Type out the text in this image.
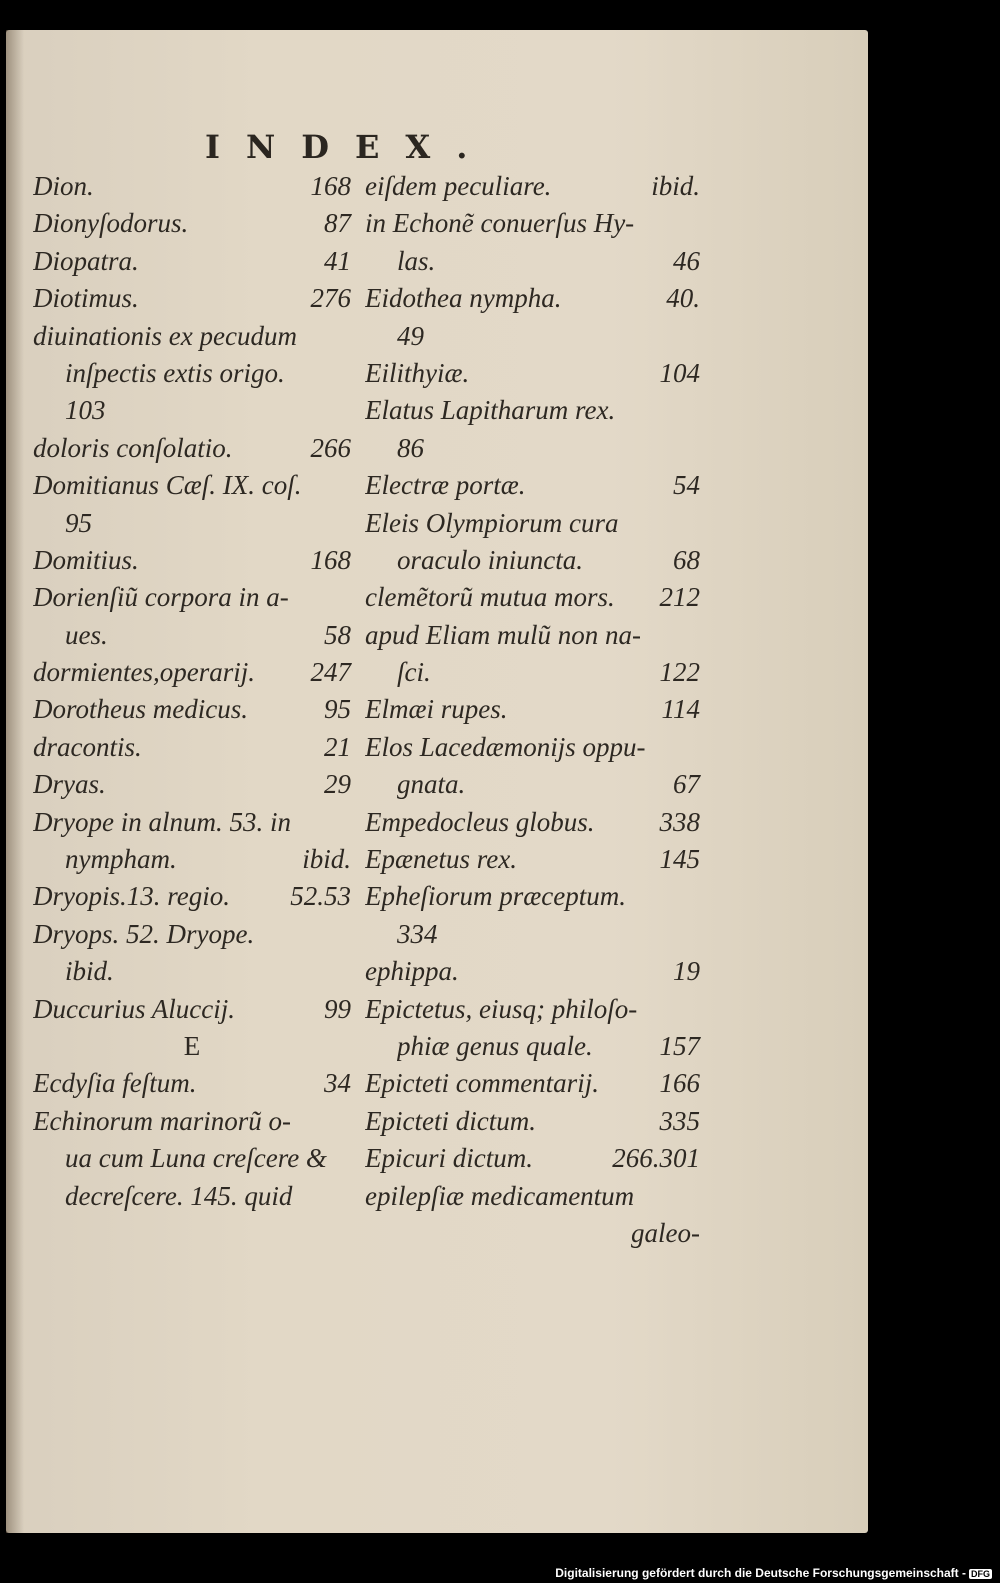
INDEX.
Dion.	168
Dionyſodorus.	87
Diopatra.	41
Diotimus.	276
diuinationis ex pecudum
inſpectis extis origo.
103
doloris conſolatio.	266
Domitianus Cæſ. IX. coſ.
95
Domitius.	168
Dorienſiũ corpora in a-
ues.	58
dormientes,operarij.	247
Dorotheus medicus.	95
dracontis.	21
Dryas.	29
Dryope in alnum. 53. in
nympham.	ibid.
Dryopis.13. regio.	52.53
Dryops. 52. Dryope.
ibid.
Duccurius Aluccij.	99
E
Ecdyſia feſtum.	34
Echinorum marinorũ o-
ua cum Luna creſcere &
decreſcere. 145. quid
eiſdem peculiare.	ibid.
in Echonẽ conuerſus Hy-
las.	46
Eidothea nympha.	40.
49
Eilithyiæ.	104
Elatus Lapitharum rex.
86
Electræ portæ.	54
Eleis Olympiorum cura
oraculo iniuncta.	68
clemẽtorũ mutua mors.	212
apud Eliam mulũ non na-
ſci.	122
Elmæi rupes.	114
Elos Lacedæmonijs oppu-
gnata.	67
Empedocleus globus.	338
Epænetus rex.	145
Epheſiorum præceptum.
334
ephippa.	19
Epictetus, eiusq; philoſo-
phiæ genus quale.	157
Epicteti commentarij.	166
Epicteti dictum.	335
Epicuri dictum.	266.301
epilepſiæ medicamentum
galeo-
Digitalisierung gefördert durch die Deutsche Forschungsgemeinschaft - DFG
